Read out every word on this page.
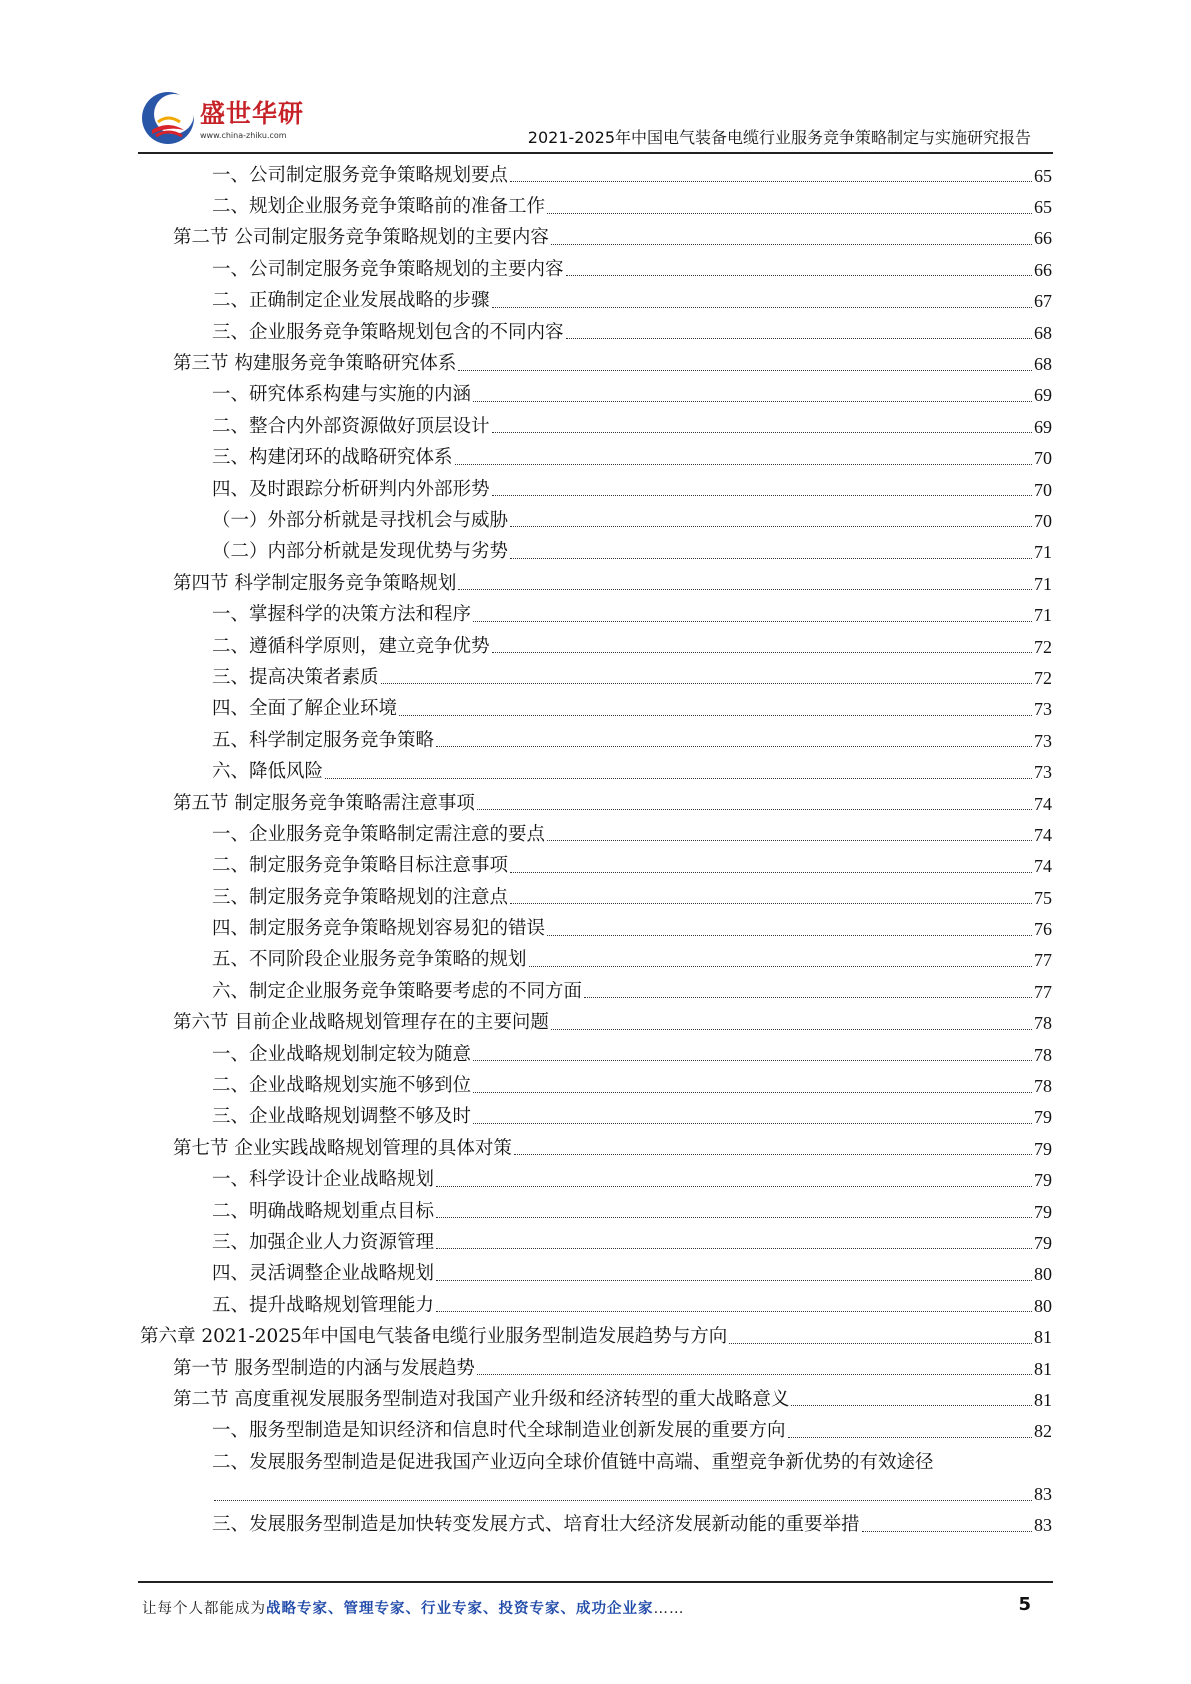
盛世华研
www.china-zhiku.com	2021-2025年中国电气装备电缆行业服务竞争策略制定与实施研究报告
一、公司制定服务竞争策略规划要点	65
二、规划企业服务竞争策略前的准备工作	65
第二节 公司制定服务竞争策略规划的主要内容	66
一、公司制定服务竞争策略规划的主要内容	66
二、正确制定企业发展战略的步骤	67
三、企业服务竞争策略规划包含的不同内容	68
第三节 构建服务竞争策略研究体系	68
一、研究体系构建与实施的内涵	69
二、整合内外部资源做好顶层设计	69
三、构建闭环的战略研究体系	70
四、及时跟踪分析研判内外部形势	70
（一）外部分析就是寻找机会与威胁	70
（二）内部分析就是发现优势与劣势	71
第四节 科学制定服务竞争策略规划	71
一、掌握科学的决策方法和程序	71
二、遵循科学原则，建立竞争优势	72
三、提高决策者素质	72
四、全面了解企业环境	73
五、科学制定服务竞争策略	73
六、降低风险	73
第五节 制定服务竞争策略需注意事项	74
一、企业服务竞争策略制定需注意的要点	74
二、制定服务竞争策略目标注意事项	74
三、制定服务竞争策略规划的注意点	75
四、制定服务竞争策略规划容易犯的错误	76
五、不同阶段企业服务竞争策略的规划	77
六、制定企业服务竞争策略要考虑的不同方面	77
第六节 目前企业战略规划管理存在的主要问题	78
一、企业战略规划制定较为随意	78
二、企业战略规划实施不够到位	78
三、企业战略规划调整不够及时	79
第七节 企业实践战略规划管理的具体对策	79
一、科学设计企业战略规划	79
二、明确战略规划重点目标	79
三、加强企业人力资源管理	79
四、灵活调整企业战略规划	80
五、提升战略规划管理能力	80
第六章 2021-2025年中国电气装备电缆行业服务型制造发展趋势与方向	81
第一节 服务型制造的内涵与发展趋势	81
第二节 高度重视发展服务型制造对我国产业升级和经济转型的重大战略意义	81
一、服务型制造是知识经济和信息时代全球制造业创新发展的重要方向	82
二、发展服务型制造是促进我国产业迈向全球价值链中高端、重塑竞争新优势的有效途径
83
三、发展服务型制造是加快转变发展方式、培育壮大经济发展新动能的重要举措	83
让每个人都能成为战略专家、管理专家、行业专家、投资专家、成功企业家……	5
